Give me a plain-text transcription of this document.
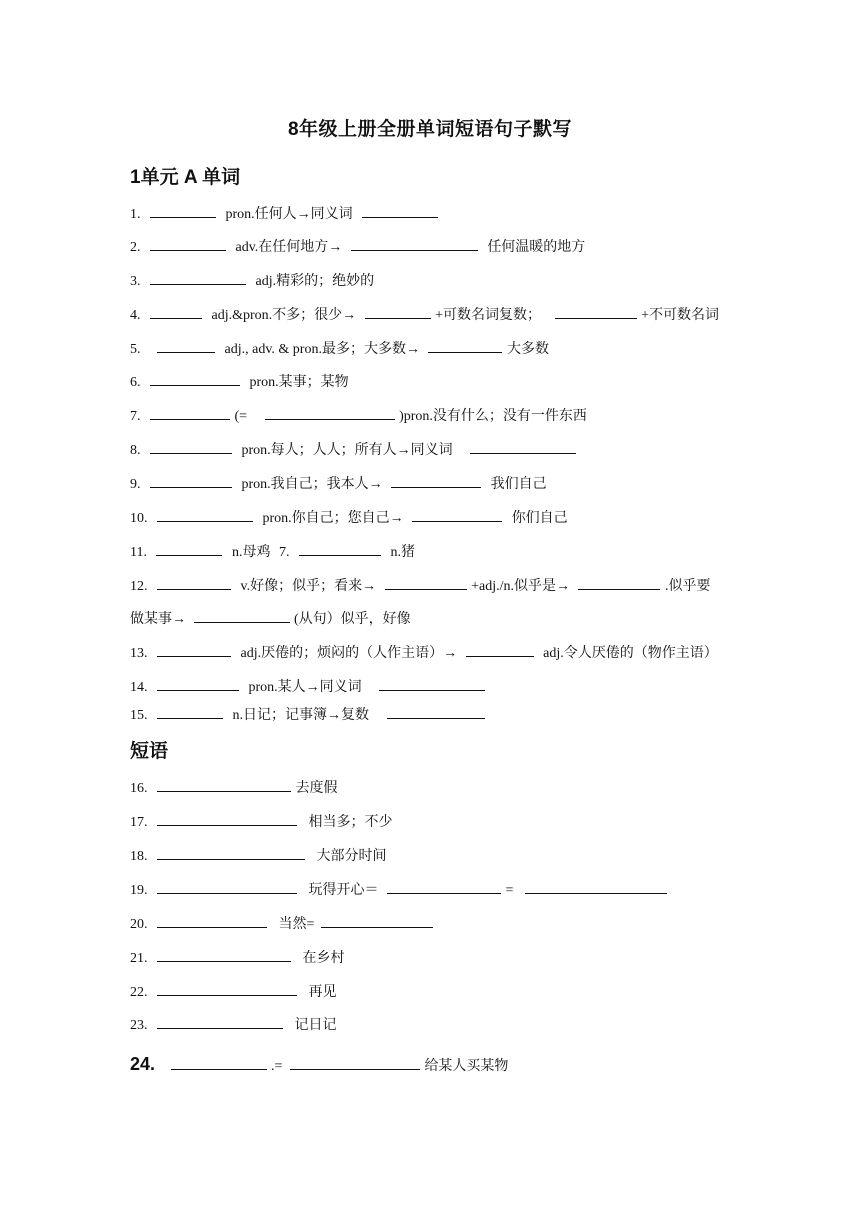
8年级上册全册单词短语句子默写
1单元 A 单词
1.	pron.任何人→同义词
2.	adv.在任何地方→	任何温暖的地方
3.	adj.精彩的；绝妙的
4.	adj.&pron.不多；很少→	+可数名词复数；	+不可数名词
5.	adj., adv. & pron.最多；大多数→	大多数
6.	pron.某事；某物
7.	(=	)pron.没有什么；没有一件东西
8.	pron.每人；人人；所有人→同义词
9.	pron.我自己；我本人→	我们自己
10.	pron.你自己；您自己→	你们自己
11.	n.母鸡 7.	n.猪
12.	v.好像；似乎；看来→	+adj./n.似乎是→	.似乎要
做某事→	(从句）似乎，好像
13.	adj.厌倦的；烦闷的（人作主语）→	adj.令人厌倦的（物作主语）
14.	pron.某人→同义词
15.	n.日记；记事簿→复数
短语
16.	去度假
17.	相当多；不少
18.	大部分时间
19.	玩得开心＝	=
20.	当然=
21.	在乡村
22.	再见
23.	记日记
24.	.=	给某人买某物
